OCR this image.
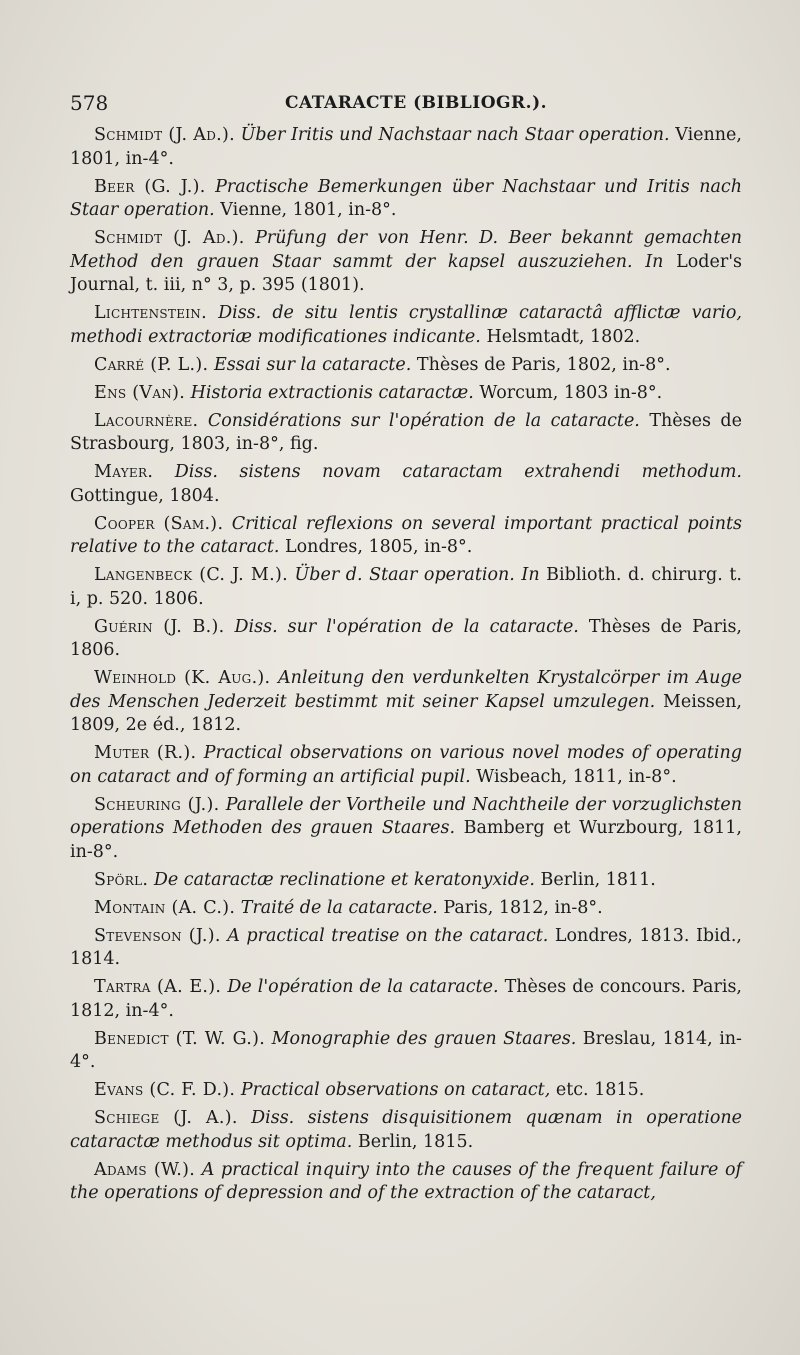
578	CATARACTE (BIBLIOGR.).

Schmidt (J. Ad.). Über Iritis und Nachstaar nach Staar operation. Vienne, 1801, in-4°.

Beer (G. J.). Practische Bemerkungen über Nachstaar und Iritis nach Staar operation. Vienne, 1801, in-8°.

Schmidt (J. Ad.). Prüfung der von Henr. D. Beer bekannt gemachten Method den grauen Staar sammt der kapsel auszuziehen. In Loder's Journal, t. iii, n° 3, p. 395 (1801).

Lichtenstein. Diss. de situ lentis crystallinæ cataractâ afflictæ vario, methodi extractoriæ modificationes indicante. Helsmtadt, 1802.

Carré (P. L.). Essai sur la cataracte. Thèses de Paris, 1802, in-8°.

Ens (Van). Historia extractionis cataractæ. Worcum, 1803 in-8°.

Lacournère. Considérations sur l'opération de la cataracte. Thèses de Strasbourg, 1803, in-8°, fig.

Mayer. Diss. sistens novam cataractam extrahendi methodum. Gottingue, 1804.

Cooper (Sam.). Critical reflexions on several important practical points relative to the cataract. Londres, 1805, in-8°.

Langenbeck (C. J. M.). Über d. Staar operation. In Biblioth. d. chirurg. t. i, p. 520. 1806.

Guérin (J. B.). Diss. sur l'opération de la cataracte. Thèses de Paris, 1806.

Weinhold (K. Aug.). Anleitung den verdunkelten Krystalcörper im Auge des Menschen Jederzeit bestimmt mit seiner Kapsel umzulegen. Meissen, 1809, 2e éd., 1812.

Muter (R.). Practical observations on various novel modes of operating on cataract and of forming an artificial pupil. Wisbeach, 1811, in-8°.

Scheuring (J.). Parallele der Vortheile und Nachtheile der vorzuglichsten operations Methoden des grauen Staares. Bamberg et Wurzbourg, 1811, in-8°.

Spörl. De cataractæ reclinatione et keratonyxide. Berlin, 1811.

Montain (A. C.). Traité de la cataracte. Paris, 1812, in-8°.

Stevenson (J.). A practical treatise on the cataract. Londres, 1813. Ibid., 1814.

Tartra (A. E.). De l'opération de la cataracte. Thèses de concours. Paris, 1812, in-4°.

Benedict (T. W. G.). Monographie des grauen Staares. Breslau, 1814, in-4°.

Evans (C. F. D.). Practical observations on cataract, etc. 1815.

Schiege (J. A.). Diss. sistens disquisitionem quænam in operatione cataractæ methodus sit optima. Berlin, 1815.

Adams (W.). A practical inquiry into the causes of the frequent failure of the operations of depression and of the extraction of the cataract,
